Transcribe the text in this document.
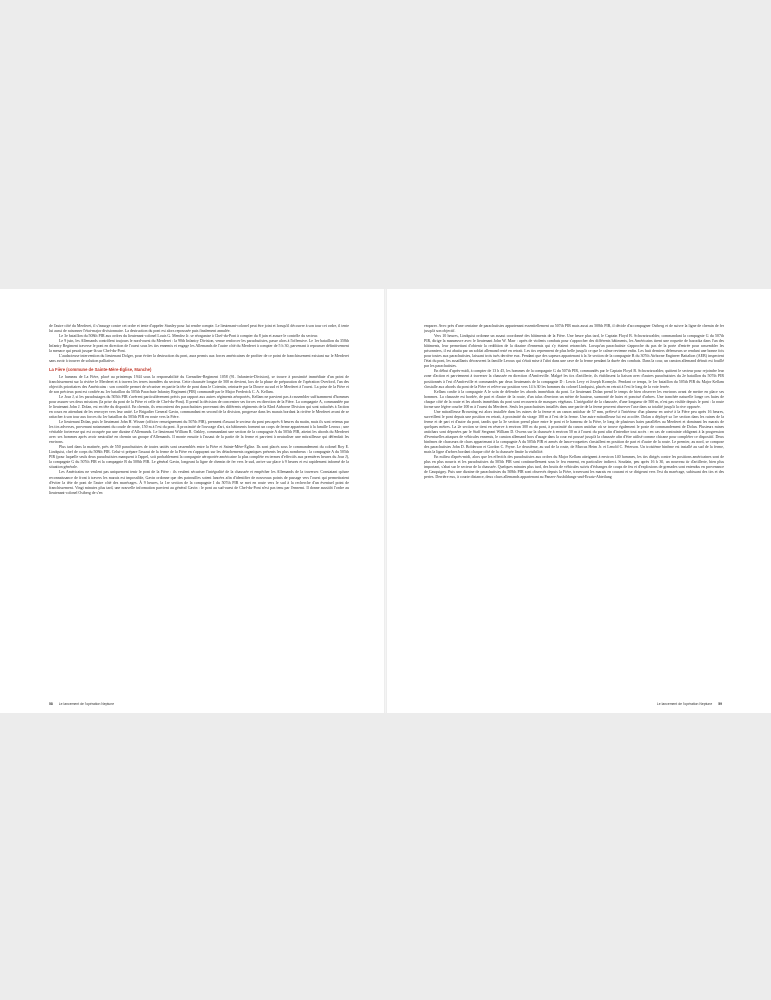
de l'autre côté du Merderet, il s'insurge contre cet ordre et tente d'appeler Stanley pour lui rendre compte. Le lieutenant-colonel peut être joint et lorsqu'il découvre à son tour cet ordre, il tente lui aussi de raisonner l'état-major divisionnaire. La destruction du pont est alors repoussée puis finalement annulée.

Le 3e bataillon du 508th PIR aux ordres du lieutenant-colonel Louis G. Mendez Jr. se réorganise à Chef-du-Pont à compter du 8 juin et assure le contrôle du secteur.

Le 9 juin, les Allemands contrôlent toujours le nord-ouest du Merderet : la 90th Infantry Division, venue renforcer les parachutistes, passe alors à l'offensive. Le 1er bataillon du 358th Infantry Regiment traverse le pont en direction de l'ouest sous les tirs ennemis et engage les Allemands de l'autre côté du Merderet à compter de 5 h 30, parvenant à repousser définitivement la menace qui pesait jusque-là sur Chef-du-Pont.

L'audacieuse intervention du lieutenant Dolger, pour éviter la destruction du pont, aura permis aux forces américaines de profiter de ce point de franchissement existant sur le Merderet sans avoir à trouver de solution palliative.

La Fière (commune de Sainte-Mère-Église, Manche)

Le hameau de La Fière, placé au printemps 1944 sous la responsabilité du Grenadier-Regiment 1058 (91. Infanterie-Division), se trouve à proximité immédiate d'un point de franchissement sur la rivière le Merderet et à travers les terres inondées du secteur. Cette chaussée longue de 500 m devient, lors de la phase de préparation de l'opération Overlord, l'un des objectifs prioritaires des Américains : son contrôle permet de sécuriser en partie la tête de pont dans le Cotentin, ceinturée par la Douve au sud et le Merderet à l'ouest. La prise de la Fière et de son précieux pont est confiée au 1er bataillon du 505th Parachute Infantry Regiment (PIR) commandé par le Major Frederick C. A. Kellam.

Le Jour J, si les parachutages du 505th PIR s'avèrent particulièrement précis par rapport aux autres régiments aéroportés, Kellam ne parvient pas à rassembler suffisamment d'hommes pour assurer ses deux missions (la prise du pont de la Fière et celle de Chef-du-Pont). Il prend la décision de concentrer ses forces en direction de la Fière. La compagnie A, commandée par le lieutenant John J. Dolan, est en tête du dispositif. En chemin, ils rencontrent des parachutistes provenant des différents régiments de la 82nd Airborne Division qui sont rattachés à l'action en cours en attendant de les renvoyer vers leur unité. Le Brigadier General Gavin, commandant en second de la division, progresse dans les marais bordant la rivière le Merderet avant de se rattacher à son tour aux forces du 1er bataillon du 505th PIR en route vers la Fière.

Le lieutenant Dolan, puis le lieutenant John H. Wisner (officier renseignement du 507th PIR), prennent d'assaut le secteur du pont peu après 6 heures du matin, mais ils sont retenus par les tirs adverses, provenant notamment du coude de route, 150 m à l'est du pont. À proximité de l'ouvrage d'art, six bâtiments forment un corps de ferme appartenant à la famille Leroux ; une véritable forteresse qui est occupée par une dizaine d'Allemands. Le lieutenant William R. Oakley, commandant une section de la compagnie A du 505th PIR, atteint les abords du Merderet avec ses hommes après avoir neutralisé en chemin un groupe d'Allemands. Il monte ensuite à l'assaut de la partie de la ferme et parvient à neutraliser une mitrailleuse qui défendait les environs.

Plus tard dans la matinée, près de 550 parachutistes de toutes unités sont rassemblés entre la Fière et Sainte-Mère-Église. Ils sont placés sous le commandement du colonel Roy E. Lindquist, chef de corps du 508th PIR. Celui-ci prépare l'assaut de la ferme de la Fière en s'appuyant sur les détachements organiques présents les plus nombreux : la compagnie A du 505th PIR (pour laquelle seuls deux parachutistes manquent à l'appel, soit probablement la compagnie aéroportée américaine la plus complète en termes d'effectifs aux premières heures du Jour J), la compagnie G du 507th PIR et la compagnie B du 508th PIR. Le général Gavin, longeant la ligne de chemin de fer vers le sud, arrive sur place à 9 heures et est rapidement informé de la situation générale.

Les Américains ne veulent pas uniquement tenir le pont de la Fière : ils veulent sécuriser l'intégralité de la chaussée et empêcher les Allemands de la traverser. Constatant qu'une reconnaissance de front à travers les marais est impossible, Gavin ordonne que des patrouilles soient lancées afin d'identifier de nouveaux points de passage vers l'ouest qui permettraient d'éviter la tête de pont de l'autre côté des marécages. À 9 heures, la 1re section de la compagnie I du 507th PIR se met en route vers le sud à la recherche d'un éventuel point de franchissement. Vingt minutes plus tard, une nouvelle information parvient au général Gavin : le pont au sud-ouest de Chef-du-Pont n'est pas tenu par l'ennemi. Il donne aussitôt l'ordre au lieutenant-colonel Ostberg de s'en

emparer. Avec près d'une centaine de parachutistes appartenant essentiellement au 507th PIR mais aussi au 508th PIR, il décide d'accompagner Ostberg et de suivre la ligne de chemin de fer jusqu'à son objectif.

Vers 10 heures, Lindquist ordonne un assaut coordonné des bâtiments de la Fière. Une heure plus tard, le Captain Floyd B. Schwartzwalder, commandant la compagnie G du 507th PIR, dirige la manœuvre avec le lieutenant John W. Marr : après de violents combats pour s'approcher des différents bâtiments, les Américains tirent une roquette de bazooka dans l'un des bâtiments, leur permettant d'obtenir la reddition de la dizaine d'ennemis qui s'y étaient retranchés. Lorsqu'un parachutiste s'approche du pas de la porte d'entrée pour rassembler les prisonniers, il est abattu par un soldat allemand resté en retrait. Les tirs reprennent de plus belle jusqu'à ce que le calme revienne enfin. Les huit derniers défenseurs se rendant une bonne fois pour toutes aux parachutistes, laissant trois tués derrière eux. Pendant que des sapeurs appartenant à la 3e section de la compagnie B du 307th Airborne Engineer Battalion (AEB) inspectent l'état du pont, les assaillants découvrent la famille Leroux qui s'était mise à l'abri dans une cave de la ferme pendant la durée des combats. Dans la cour, un camion allemand détruit est fouillé par les parachutistes.

En début d'après-midi, à compter de 13 h 45, les hommes de la compagnie G du 507th PIR, commandés par le Captain Floyd B. Schwartzwalder, quittent le secteur pour rejoindre leur zone d'action et parviennent à traverser la chaussée en direction d'Amfreville. Malgré les tirs d'artillerie, ils établissent la liaison avec d'autres parachutistes du 2e bataillon du 507th PIR positionnés à l'est d'Amfreville et commandés par deux lieutenants de la compagnie D : Lewis Levy et Joseph Kormylo. Pendant ce temps, le 1er bataillon du 505th PIR du Major Kellam s'installe aux abords du pont de la Fière et relève sur position vers 14 h 30 les hommes du colonel Lindquist, placés en retrait à l'est le long de la voie ferrée.

Kellam confie à la compagnie A le soin de défendre les abords immédiats du pont. Le lieutenant Dolan prend le temps de bien observer les environs avant de mettre en place ses hommes. La chaussée est bordée, de part et d'autre de la route, d'un talus d'environ un mètre de hauteur, surmonté de haies et ponctué d'arbres. Une tranchée naturelle longe ces haies de chaque côté de la route et les abords immédiats du pont sont recouverts de masques végétaux. L'intégralité de la chaussée, d'une longueur de 500 m, n'est pas visible depuis le pont : la route forme une légère courbe 100 m à l'ouest du Merderet. Seuls les parachutistes installés dans une partie de la ferme peuvent observer l'axe dans sa totalité jusqu'à la rive opposée.

Une mitrailleuse Browning est alors installée dans les ruines de la ferme et un canon antichar de 57 mm, prélevé à l'intérieur d'un planeur en arrivé à la Fière peu après 16 heures, surveillent le pont depuis une position en retrait, à proximité du virage 100 m à l'est de la ferme. Une autre mitrailleuse lui est accolée. Dolan a déployé sa 1re section dans les ruines de la ferme et de part et d'autre du pont, tandis que la 3e section prend place entre le pont et le hameau de la Fière, le long de plusieurs haies parallèles au Merderet et dominant les marais de quelques mètres. La 2e section se tient en réserve à environ 300 m du pont, à proximité du canon antichar où se trouve également le poste de commandement de Dolan. Plusieurs mines antichars sont déposées par le Staff Sergeant William D. Owens sur la chaussée à environ 50 m à l'ouest du pont afin d'interdire tout accès : en cas de contrainte obligeant à la progression d'éventuelles attaques de véhicules ennemis, le camion allemand hors d'usage dans la cour est poussé jusqu'à la chaussée afin d'être utilisé comme chicane pour compléter ce dispositif. Deux binômes de chasseurs de chars appartenant à la compagnie A du 505th PIR et armés de lance-roquettes s'installent en position de part et d'autre de la route. Le premier, au nord, se compose des parachutistes John D. Bolderson et Gordon C. Pryne. Le deuxième, au sud de la route, de Marcus Heim Jr. et Lenold C. Peterson. Un troisième binôme est installé au sud de la ferme, mais la ligne d'arbres bordant chaque côté de la chaussée limite la visibilité.

En milieu d'après-midi, alors que les effectifs des parachutistes aux ordres du Major Kellam atteignent à environ 140 hommes, les tirs dirigés contre les positions américaines sont de plus en plus nourris et les parachutistes du 505th PIR sont continuellement sous le feu ennemi, en particulier indirect. Soudain, peu après 16 h 30, un nouveau tir d'artillerie, bien plus important, s'abat sur le secteur de la chaussée. Quelques minutes plus tard, des bruits de véhicules suivis d'échanges de coups de feu et d'explosions de grenades sont entendus en provenance de Cauquigny. Puis une dizaine de parachutistes du 508th PIR sont observés depuis la Fière, traversant les marais en courant et se dirigeant vers l'est du marécage, subissant des tirs et des pertes. Derrière eux, à courte distance, deux chars allemands appartenant au Panzer-Ausbildungs-und-Ersatz-Abteilung

58 Le lancement de l'opération Neptune	Le lancement de l'opération Neptune 59
